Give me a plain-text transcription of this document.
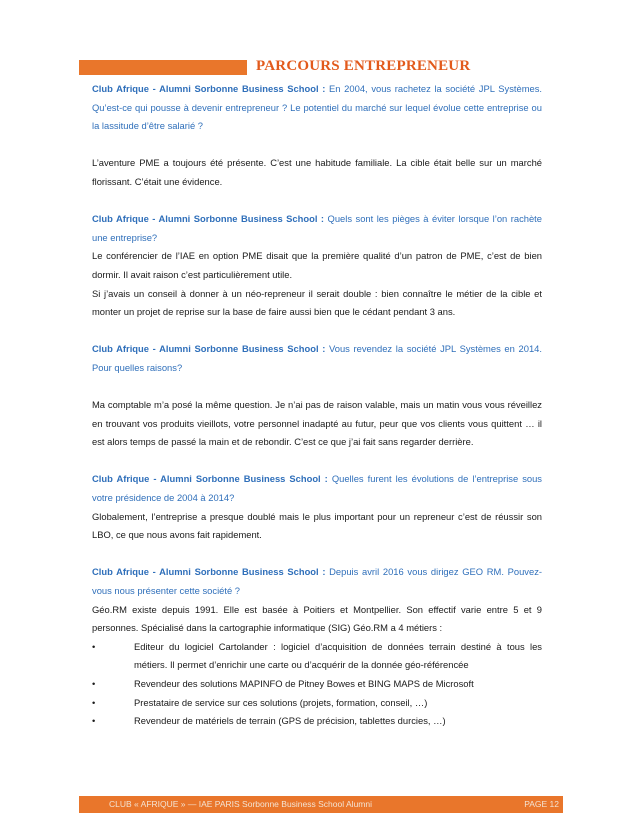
PARCOURS ENTREPRENEUR

Club Afrique - Alumni Sorbonne Business School : En 2004, vous rachetez la société JPL Systèmes. Qu’est-ce qui pousse à devenir entrepreneur ? Le potentiel du marché sur lequel évolue cette entreprise ou la lassitude d’être salarié ?

L’aventure PME a toujours été présente. C’est une habitude familiale. La cible était belle sur un marché florissant. C’était une évidence.

Club Afrique - Alumni Sorbonne Business School : Quels sont les pièges à éviter lorsque l’on rachète une entreprise?

Le conférencier de l’IAE en option PME disait que la première qualité d’un patron de PME, c’est de bien dormir. Il avait raison c’est particulièrement utile.

Si j’avais un conseil à donner à un néo-repreneur il serait double : bien connaître le métier de la cible et monter un projet de reprise sur la base de faire aussi bien que le cédant pendant 3 ans.

Club Afrique - Alumni Sorbonne Business School : Vous revendez la société JPL Systèmes en 2014. Pour quelles raisons?

Ma comptable m’a posé la même question. Je n’ai pas de raison valable, mais un matin vous vous réveillez en trouvant vos produits vieillots, votre personnel inadapté au futur, peur que vos clients vous quittent … il est alors temps de passé la main et de rebondir. C’est ce que j’ai fait sans regarder derrière.

Club Afrique - Alumni Sorbonne Business School : Quelles furent les évolutions de l’entreprise sous votre présidence de 2004 à 2014?

Globalement, l’entreprise a presque doublé mais le plus important pour un repreneur c’est de réussir son LBO, ce que nous avons fait rapidement.

Club Afrique - Alumni Sorbonne Business School : Depuis avril 2016 vous dirigez GEO RM. Pouvez-vous nous présenter cette société ?

Géo.RM existe depuis 1991. Elle est basée à Poitiers et Montpellier. Son effectif varie entre 5 et 9 personnes. Spécialisé dans la cartographie informatique (SIG) Géo.RM a 4 métiers :

•	Editeur du logiciel Cartolander : logiciel d’acquisition de données terrain destiné à tous les métiers. Il permet d’enrichir une carte ou d’acquérir de la donnée géo-référencée
•	Revendeur des solutions MAPINFO de Pitney Bowes et BING MAPS de Microsoft
•	Prestataire de service sur ces solutions (projets, formation, conseil, …)
•	Revendeur de matériels de terrain (GPS de précision, tablettes durcies, …)
CLUB « AFRIQUE » — IAE PARIS Sorbonne Business School Alumni	PAGE 12
